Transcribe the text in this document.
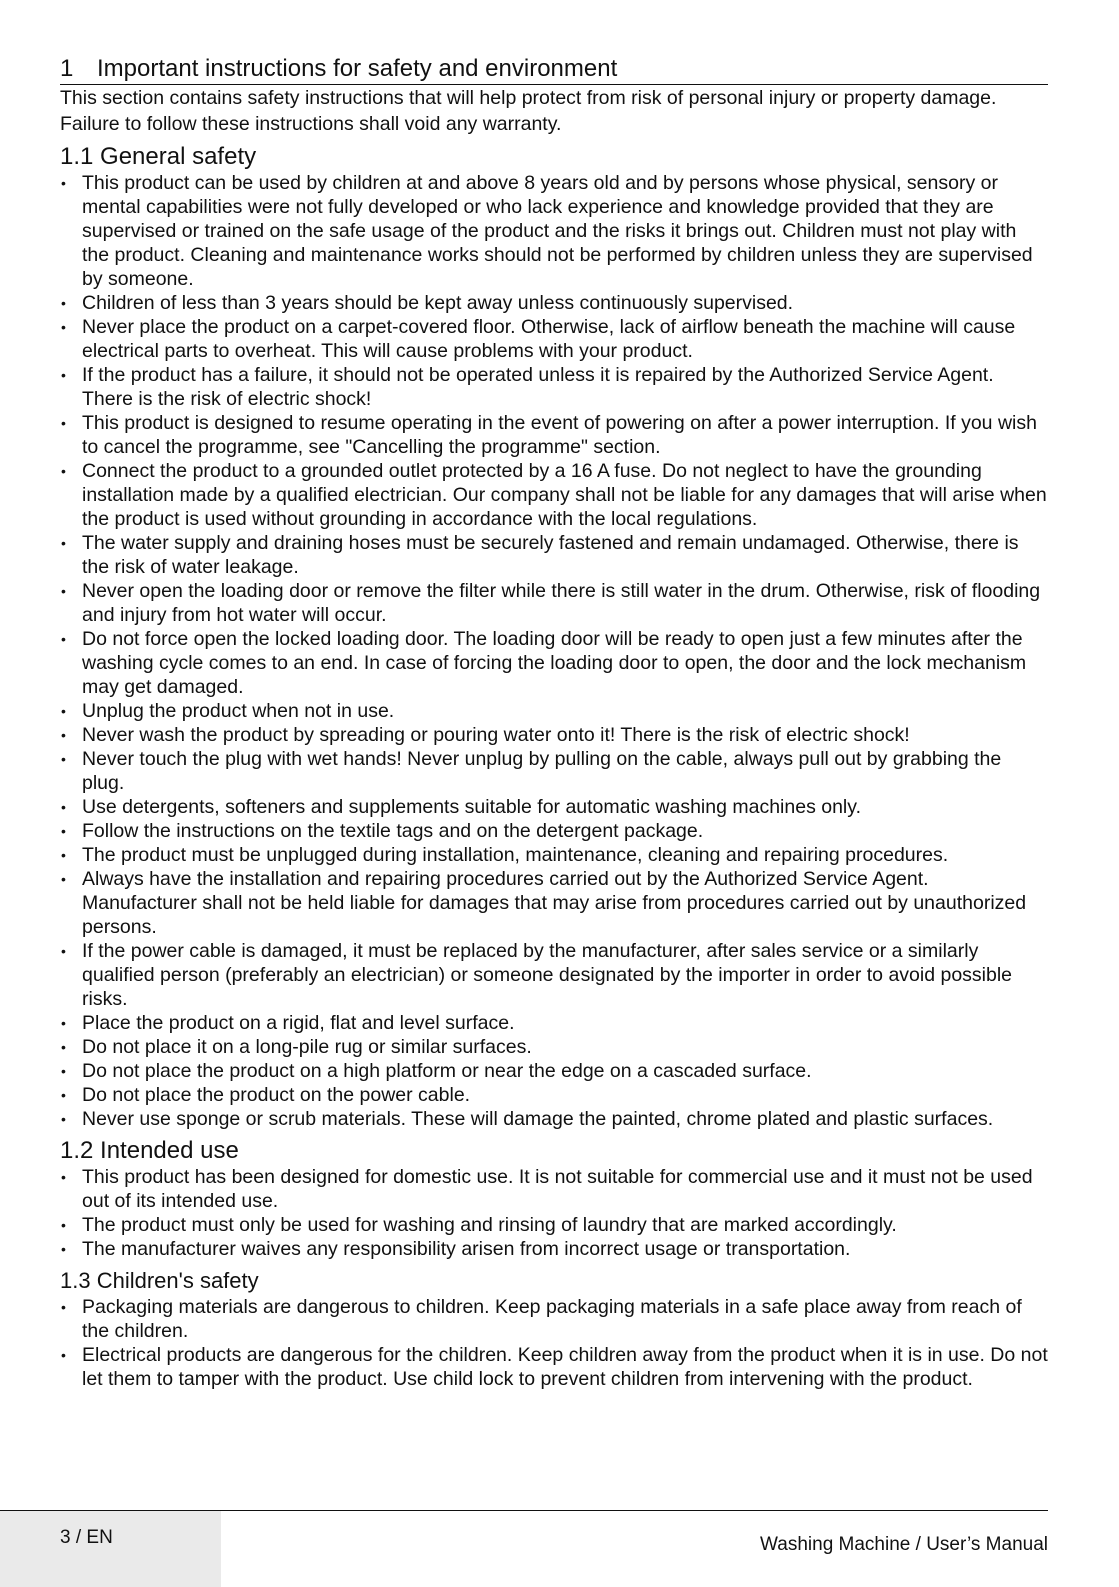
1 Important instructions for safety and environment

This section contains safety instructions that will help protect from risk of personal injury or property damage. Failure to follow these instructions shall void any warranty.

1.1 General safety
• This product can be used by children at and above 8 years old and by persons whose physical, sensory or mental capabilities were not fully developed or who lack experience and knowledge provided that they are supervised or trained on the safe usage of the product and the risks it brings out. Children must not play with the product. Cleaning and maintenance works should not be performed by children unless they are supervised by someone.
• Children of less than 3 years should be kept away unless continuously supervised.
• Never place the product on a carpet-covered floor. Otherwise, lack of airflow beneath the machine will cause electrical parts to overheat. This will cause problems with your product.
• If the product has a failure, it should not be operated unless it is repaired by the Authorized Service Agent. There is the risk of electric shock!
• This product is designed to resume operating in the event of powering on after a power interruption. If you wish to cancel the programme, see "Cancelling the programme" section.
• Connect the product to a grounded outlet protected by a 16 A fuse. Do not neglect to have the grounding installation made by a qualified electrician. Our company shall not be liable for any damages that will arise when the product is used without grounding in accordance with the local regulations.
• The water supply and draining hoses must be securely fastened and remain undamaged. Otherwise, there is the risk of water leakage.
• Never open the loading door or remove the filter while there is still water in the drum. Otherwise, risk of flooding and injury from hot water will occur.
• Do not force open the locked loading door. The loading door will be ready to open just a few minutes after the washing cycle comes to an end. In case of forcing the loading door to open, the door and the lock mechanism may get damaged.
• Unplug the product when not in use.
• Never wash the product by spreading or pouring water onto it! There is the risk of electric shock!
• Never touch the plug with wet hands! Never unplug by pulling on the cable, always pull out by grabbing the plug.
• Use detergents, softeners and supplements suitable for automatic washing machines only.
• Follow the instructions on the textile tags and on the detergent package.
• The product must be unplugged during installation, maintenance, cleaning and repairing procedures.
• Always have the installation and repairing procedures carried out by the Authorized Service Agent. Manufacturer shall not be held liable for damages that may arise from procedures carried out by unauthorized persons.
• If the power cable is damaged, it must be replaced by the manufacturer, after sales service or a similarly qualified person (preferably an electrician) or someone designated by the importer in order to avoid possible risks.
• Place the product on a rigid, flat and level surface.
• Do not place it on a long-pile rug or similar surfaces.
• Do not place the product on a high platform or near the edge on a cascaded surface.
• Do not place the product on the power cable.
• Never use sponge or scrub materials. These will damage the painted, chrome plated and plastic surfaces.
1.2 Intended use
• This product has been designed for domestic use. It is not suitable for commercial use and it must not be used out of its intended use.
• The product must only be used for washing and rinsing of laundry that are marked accordingly.
• The manufacturer waives any responsibility arisen from incorrect usage or transportation.
1.3 Children's safety
• Packaging materials are dangerous to children. Keep packaging materials in a safe place away from reach of the children.
• Electrical products are dangerous for the children. Keep children away from the product when it is in use. Do not let them to tamper with the product. Use child lock to prevent children from intervening with the product.
3 / EN	Washing Machine / User’s Manual
